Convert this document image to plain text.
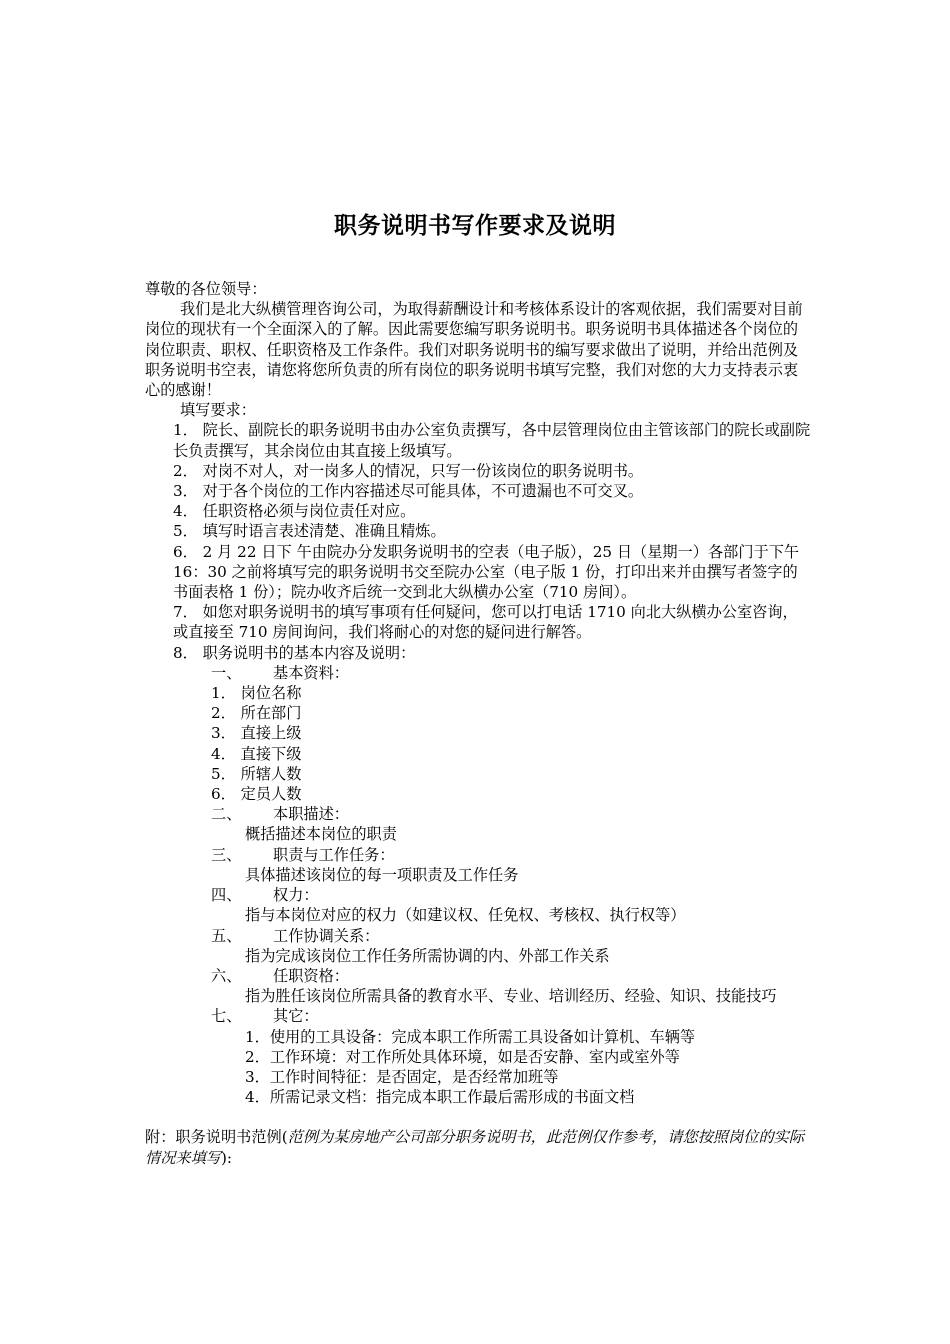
职务说明书写作要求及说明

尊敬的各位领导：

我们是北大纵横管理咨询公司，为取得薪酬设计和考核体系设计的客观依据，我们需要对目前岗位的现状有一个全面深入的了解。因此需要您编写职务说明书。职务说明书具体描述各个岗位的岗位职责、职权、任职资格及工作条件。我们对职务说明书的编写要求做出了说明，并给出范例及职务说明书空表，请您将您所负责的所有岗位的职务说明书填写完整，我们对您的大力支持表示衷心的感谢！

填写要求：

1． 院长、副院长的职务说明书由办公室负责撰写，各中层管理岗位由主管该部门的院长或副院长负责撰写，其余岗位由其直接上级填写。

2． 对岗不对人，对一岗多人的情况，只写一份该岗位的职务说明书。

3． 对于各个岗位的工作内容描述尽可能具体，不可遗漏也不可交叉。

4． 任职资格必须与岗位责任对应。

5． 填写时语言表述清楚、准确且精炼。

6． 2 月 22 日下 午由院办分发职务说明书的空表（电子版），25 日（星期一）各部门于下午 16：30 之前将填写完的职务说明书交至院办公室（电子版 1 份，打印出来并由撰写者签字的书面表格 1 份）；院办收齐后统一交到北大纵横办公室（710 房间）。

7． 如您对职务说明书的填写事项有任何疑问，您可以打电话 1710 向北大纵横办公室咨询，或直接至 710 房间询问，我们将耐心的对您的疑问进行解答。

8． 职务说明书的基本内容及说明：

一、	基本资料：

1． 岗位名称

2． 所在部门

3． 直接上级

4． 直接下级

5． 所辖人数

6． 定员人数

二、	本职描述：

概括描述本岗位的职责

三、	职责与工作任务：

具体描述该岗位的每一项职责及工作任务

四、	权力：

指与本岗位对应的权力（如建议权、任免权、考核权、执行权等）

五、	工作协调关系：

指为完成该岗位工作任务所需协调的内、外部工作关系

六、	任职资格：

指为胜任该岗位所需具备的教育水平、专业、培训经历、经验、知识、技能技巧

七、	其它：

1．使用的工具设备：完成本职工作所需工具设备如计算机、车辆等

2．工作环境：对工作所处具体环境，如是否安静、室内或室外等

3．工作时间特征：是否固定，是否经常加班等

4．所需记录文档：指完成本职工作最后需形成的书面文档

附：职务说明书范例(范例为某房地产公司部分职务说明书，此范例仅作参考，请您按照岗位的实际情况来填写):
